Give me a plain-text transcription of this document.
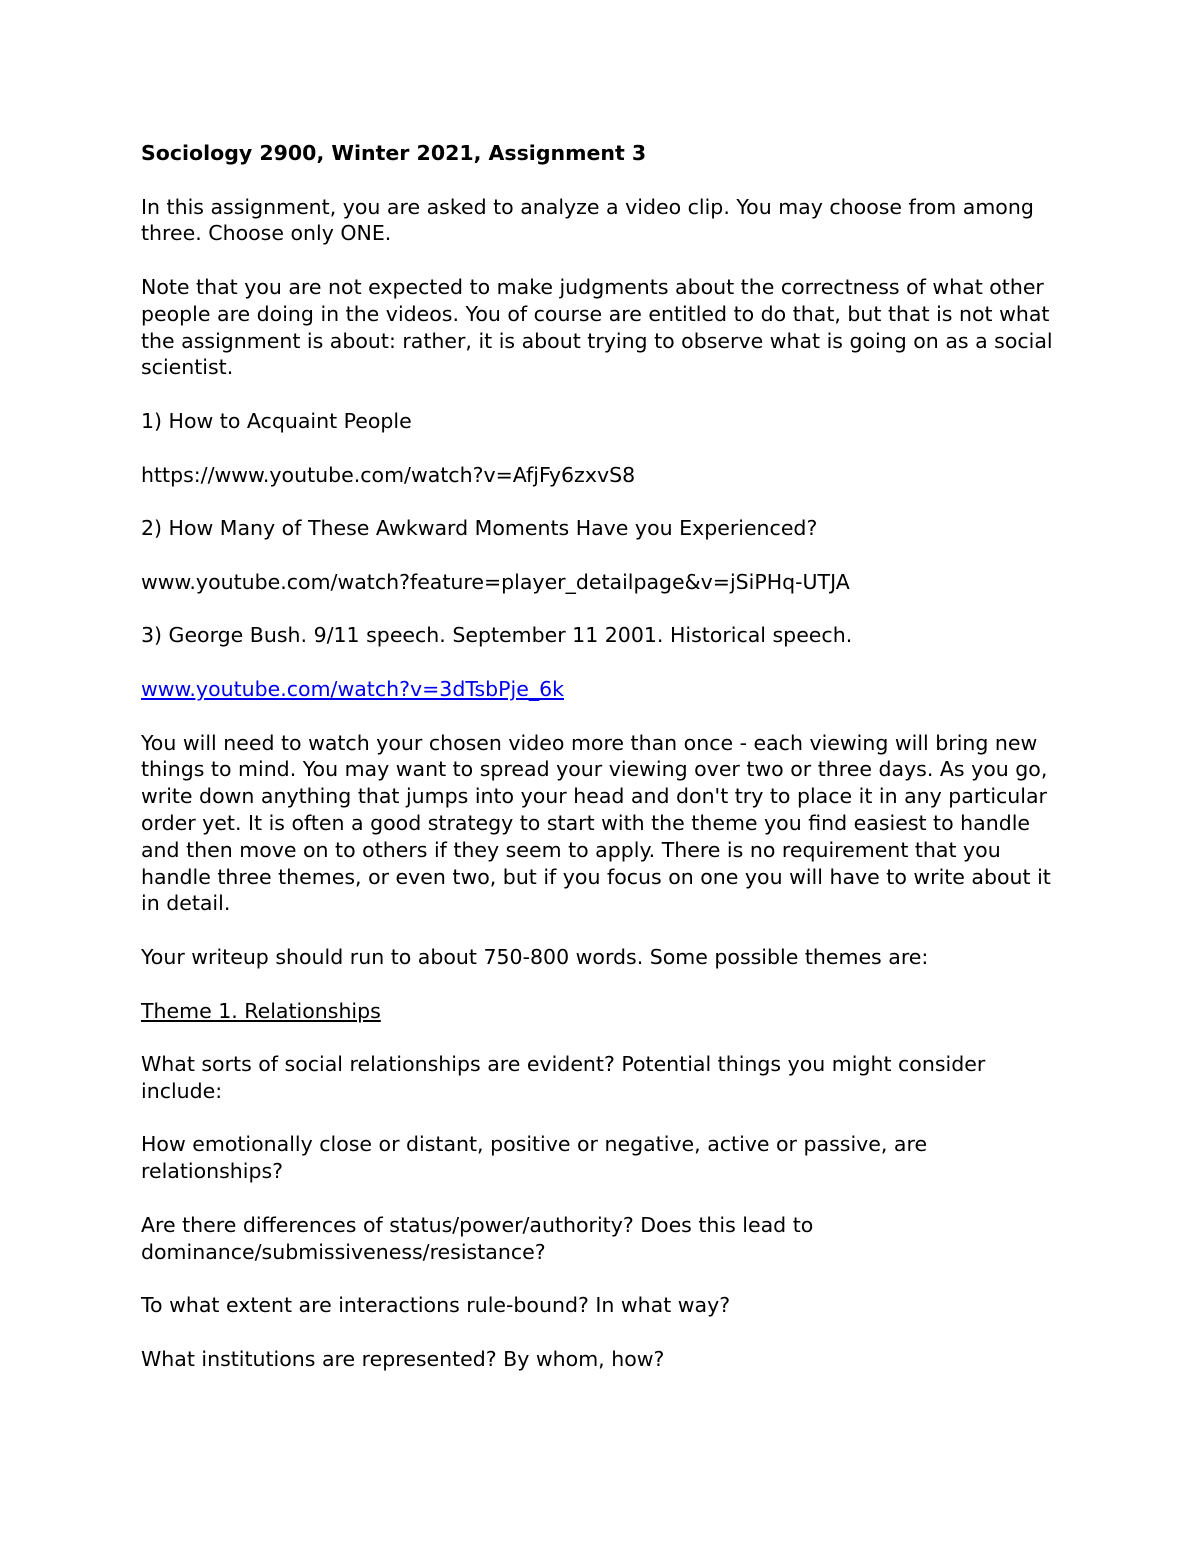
Sociology 2900, Winter 2021, Assignment 3

In this assignment, you are asked to analyze a video clip. You may choose from among three. Choose only ONE.

Note that you are not expected to make judgments about the correctness of what other people are doing in the videos. You of course are entitled to do that, but that is not what the assignment is about: rather, it is about trying to observe what is going on as a social scientist.

1) How to Acquaint People

https://www.youtube.com/watch?v=AfjFy6zxvS8

2) How Many of These Awkward Moments Have you Experienced?

www.youtube.com/watch?feature=player_detailpage&v=jSiPHq-UTJA

3) George Bush. 9/11 speech. September 11 2001. Historical speech.

www.youtube.com/watch?v=3dTsbPje_6k

You will need to watch your chosen video more than once - each viewing will bring new things to mind. You may want to spread your viewing over two or three days. As you go, write down anything that jumps into your head and don't try to place it in any particular order yet. It is often a good strategy to start with the theme you find easiest to handle and then move on to others if they seem to apply. There is no requirement that you handle three themes, or even two, but if you focus on one you will have to write about it in detail.

Your writeup should run to about 750-800 words. Some possible themes are:

Theme 1. Relationships

What sorts of social relationships are evident? Potential things you might consider include:

How emotionally close or distant, positive or negative, active or passive, are relationships?

Are there differences of status/power/authority? Does this lead to dominance/submissiveness/resistance?

To what extent are interactions rule-bound? In what way?

What institutions are represented? By whom, how?
